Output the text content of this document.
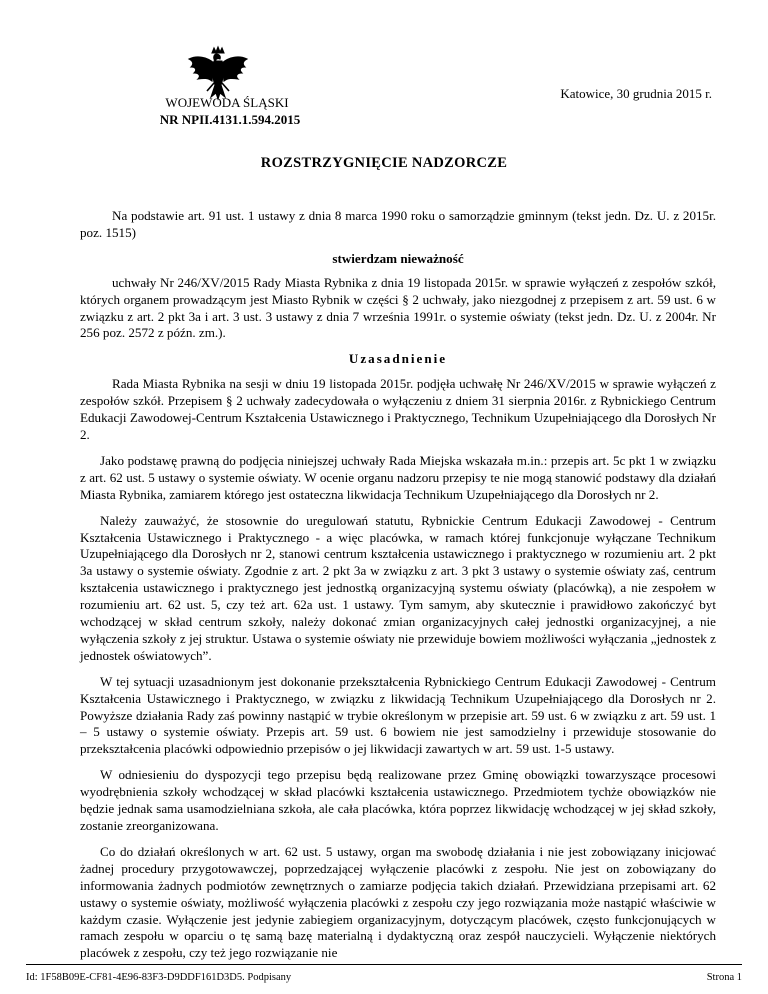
Katowice, 30 grudnia 2015 r.
WOJEWODA ŚLĄSKI
NR NPII.4131.1.594.2015
ROZSTRZYGNIĘCIE NADZORCZE

Na podstawie art. 91 ust. 1 ustawy z dnia 8 marca 1990 roku o samorządzie gminnym (tekst jedn. Dz. U. z 2015r. poz. 1515)

stwierdzam nieważność

uchwały Nr 246/XV/2015 Rady Miasta Rybnika z dnia 19 listopada 2015r. w sprawie wyłączeń z zespołów szkół, których organem prowadzącym jest Miasto Rybnik w części § 2 uchwały, jako niezgodnej z przepisem z art. 59 ust. 6 w związku z art. 2 pkt 3a i art. 3 ust. 3 ustawy z dnia 7 września 1991r. o systemie oświaty (tekst jedn. Dz. U. z 2004r. Nr 256 poz. 2572 z późn. zm.).

Uzasadnienie

Rada Miasta Rybnika na sesji w dniu 19 listopada 2015r. podjęła uchwałę Nr 246/XV/2015 w sprawie wyłączeń z zespołów szkół. Przepisem § 2 uchwały zadecydowała o wyłączeniu z dniem 31 sierpnia 2016r. z Rybnickiego Centrum Edukacji Zawodowej-Centrum Kształcenia Ustawicznego i Praktycznego, Technikum Uzupełniającego dla Dorosłych Nr 2.

Jako podstawę prawną do podjęcia niniejszej uchwały Rada Miejska wskazała m.in.: przepis art. 5c pkt 1 w związku z art. 62 ust. 5 ustawy o systemie oświaty. W ocenie organu nadzoru przepisy te nie mogą stanowić podstawy dla działań Miasta Rybnika, zamiarem którego jest ostateczna likwidacja Technikum Uzupełniającego dla Dorosłych nr 2.

Należy zauważyć, że stosownie do uregulowań statutu, Rybnickie Centrum Edukacji Zawodowej - Centrum Kształcenia Ustawicznego i Praktycznego - a więc placówka, w ramach której funkcjonuje wyłączane Technikum Uzupełniającego dla Dorosłych nr 2, stanowi centrum kształcenia ustawicznego i praktycznego w rozumieniu art. 2 pkt 3a ustawy o systemie oświaty. Zgodnie z art. 2 pkt 3a w związku z art. 3 pkt 3 ustawy o systemie oświaty zaś, centrum kształcenia ustawicznego i praktycznego jest jednostką organizacyjną systemu oświaty (placówką), a nie zespołem w rozumieniu art. 62 ust. 5, czy też art. 62a ust. 1 ustawy. Tym samym, aby skutecznie i prawidłowo zakończyć byt wchodzącej w skład centrum szkoły, należy dokonać zmian organizacyjnych całej jednostki organizacyjnej, a nie wyłączenia szkoły z jej struktur. Ustawa o systemie oświaty nie przewiduje bowiem możliwości wyłączania „jednostek z jednostek oświatowych”.

W tej sytuacji uzasadnionym jest dokonanie przekształcenia Rybnickiego Centrum Edukacji Zawodowej - Centrum Kształcenia Ustawicznego i Praktycznego, w związku z likwidacją Technikum Uzupełniającego dla Dorosłych nr 2. Powyższe działania Rady zaś powinny nastąpić w trybie określonym w przepisie art. 59 ust. 6 w związku z art. 59 ust. 1 – 5 ustawy o systemie oświaty. Przepis art. 59 ust. 6 bowiem nie jest samodzielny i przewiduje stosowanie do przekształcenia placówki odpowiednio przepisów o jej likwidacji zawartych w art. 59 ust. 1-5 ustawy.

W odniesieniu do dyspozycji tego przepisu będą realizowane przez Gminę obowiązki towarzyszące procesowi wyodrębnienia szkoły wchodzącej w skład placówki kształcenia ustawicznego. Przedmiotem tychże obowiązków nie będzie jednak sama usamodzielniana szkoła, ale cała placówka, która poprzez likwidację wchodzącej w jej skład szkoły, zostanie zreorganizowana.

Co do działań określonych w art. 62 ust. 5 ustawy, organ ma swobodę działania i nie jest zobowiązany inicjować żadnej procedury przygotowawczej, poprzedzającej wyłączenie placówki z zespołu. Nie jest on zobowiązany do informowania żadnych podmiotów zewnętrznych o zamiarze podjęcia takich działań. Przewidziana przepisami art. 62 ustawy o systemie oświaty, możliwość wyłączenia placówki z zespołu czy jego rozwiązania może nastąpić właściwie w każdym czasie. Wyłączenie jest jedynie zabiegiem organizacyjnym, dotyczącym placówek, często funkcjonujących w ramach zespołu w oparciu o tę samą bazę materialną i dydaktyczną oraz zespół nauczycieli. Wyłączenie niektórych placówek z zespołu, czy też jego rozwiązanie nie

Id: 1F58B09E-CF81-4E96-83F3-D9DDF161D3D5. Podpisany	Strona 1
